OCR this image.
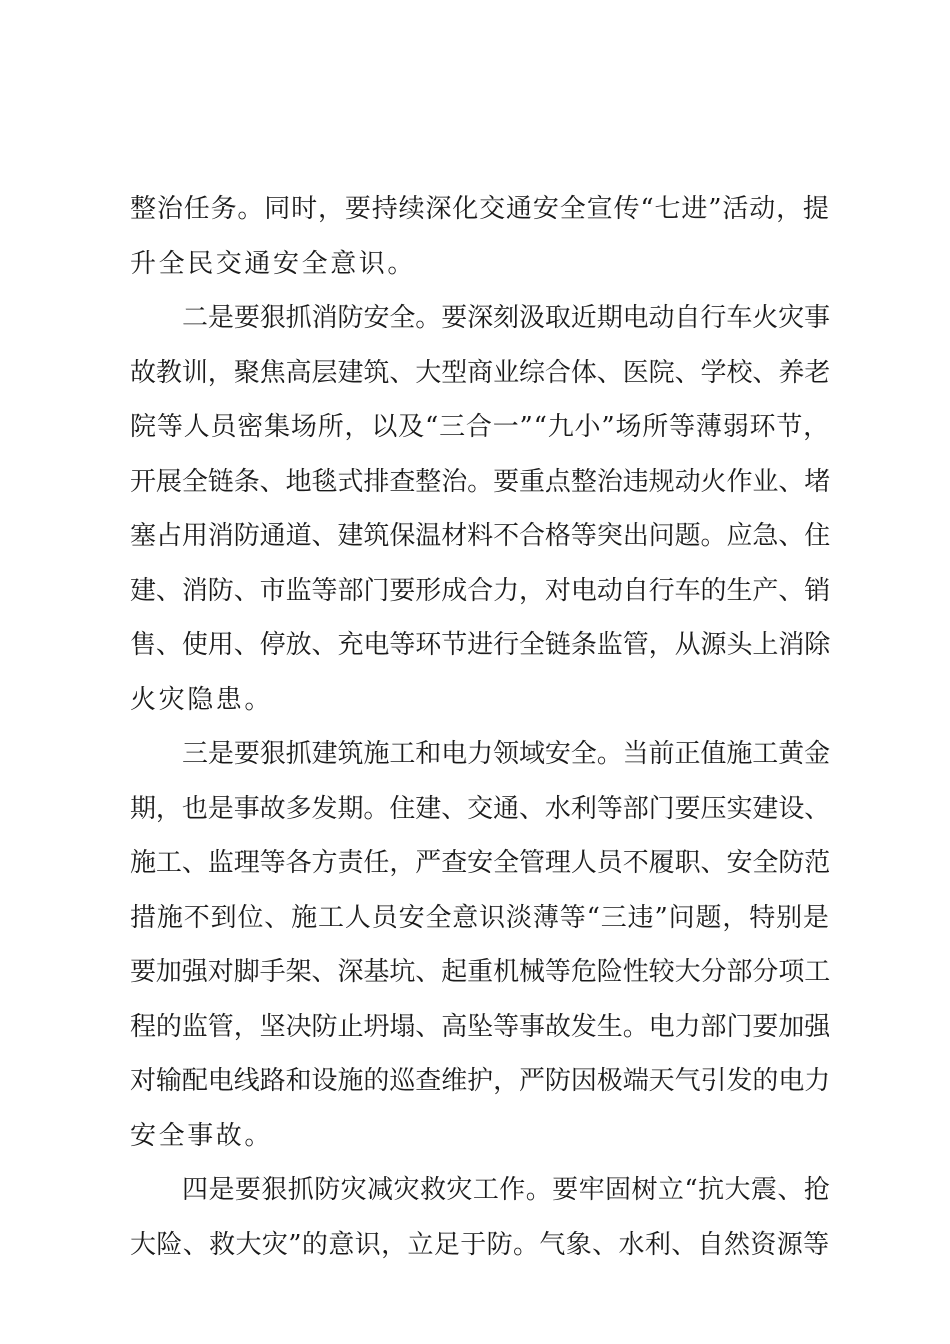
整治任务。同时，要持续深化交通安全宣传“七进”活动，提
升全民交通安全意识。

二是要狠抓消防安全。要深刻汲取近期电动自行车火灾事
故教训，聚焦高层建筑、大型商业综合体、医院、学校、养老
院等人员密集场所，以及“三合一”“九小”场所等薄弱环节，
开展全链条、地毯式排查整治。要重点整治违规动火作业、堵
塞占用消防通道、建筑保温材料不合格等突出问题。应急、住
建、消防、市监等部门要形成合力，对电动自行车的生产、销
售、使用、停放、充电等环节进行全链条监管，从源头上消除
火灾隐患。

三是要狠抓建筑施工和电力领域安全。当前正值施工黄金
期，也是事故多发期。住建、交通、水利等部门要压实建设、
施工、监理等各方责任，严查安全管理人员不履职、安全防范
措施不到位、施工人员安全意识淡薄等“三违”问题，特别是
要加强对脚手架、深基坑、起重机械等危险性较大分部分项工
程的监管，坚决防止坍塌、高坠等事故发生。电力部门要加强
对输配电线路和设施的巡查维护，严防因极端天气引发的电力
安全事故。

四是要狠抓防灾减灾救灾工作。要牢固树立“抗大震、抢
大险、救大灾”的意识，立足于防。气象、水利、自然资源等
